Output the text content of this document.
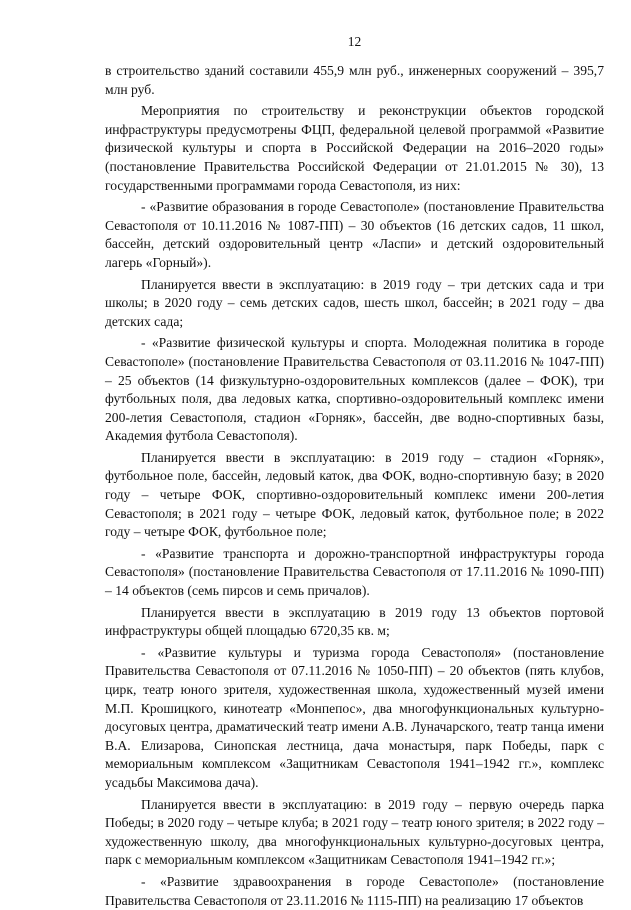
12

в строительство зданий составили 455,9 млн руб., инженерных сооружений – 395,7 млн руб.

Мероприятия по строительству и реконструкции объектов городской инфраструктуры предусмотрены ФЦП, федеральной целевой программой «Развитие физической культуры и спорта в Российской Федерации на 2016–2020 годы» (постановление Правительства Российской Федерации от 21.01.2015 № 30), 13 государственными программами города Севастополя, из них:

- «Развитие образования в городе Севастополе» (постановление Правительства Севастополя от 10.11.2016 № 1087-ПП) – 30 объектов (16 детских садов, 11 школ, бассейн, детский оздоровительный центр «Ласпи» и детский оздоровительный лагерь «Горный»).

Планируется ввести в эксплуатацию: в 2019 году – три детских сада и три школы; в 2020 году – семь детских садов, шесть школ, бассейн; в 2021 году – два детских сада;

- «Развитие физической культуры и спорта. Молодежная политика в городе Севастополе» (постановление Правительства Севастополя от 03.11.2016 № 1047-ПП) – 25 объектов (14 физкультурно-оздоровительных комплексов (далее – ФОК), три футбольных поля, два ледовых катка, спортивно-оздоровительный комплекс имени 200-летия Севастополя, стадион «Горняк», бассейн, две водно-спортивных базы, Академия футбола Севастополя).

Планируется ввести в эксплуатацию: в 2019 году – стадион «Горняк», футбольное поле, бассейн, ледовый каток, два ФОК, водно-спортивную базу; в 2020 году – четыре ФОК, спортивно-оздоровительный комплекс имени 200-летия Севастополя; в 2021 году – четыре ФОК, ледовый каток, футбольное поле; в 2022 году – четыре ФОК, футбольное поле;

- «Развитие транспорта и дорожно-транспортной инфраструктуры города Севастополя» (постановление Правительства Севастополя от 17.11.2016 № 1090-ПП) – 14 объектов (семь пирсов и семь причалов).

Планируется ввести в эксплуатацию в 2019 году 13 объектов портовой инфраструктуры общей площадью 6720,35 кв. м;

- «Развитие культуры и туризма города Севастополя» (постановление Правительства Севастополя от 07.11.2016 № 1050-ПП) – 20 объектов (пять клубов, цирк, театр юного зрителя, художественная школа, художественный музей имени М.П. Крошицкого, кинотеатр «Монпепос», два многофункциональных культурно-досуговых центра, драматический театр имени А.В. Луначарского, театр танца имени В.А. Елизарова, Синопская лестница, дача монастыря, парк Победы, парк с мемориальным комплексом «Защитникам Севастополя 1941–1942 гг.», комплекс усадьбы Максимова дача).

Планируется ввести в эксплуатацию: в 2019 году – первую очередь парка Победы; в 2020 году – четыре клуба; в 2021 году – театр юного зрителя; в 2022 году – художественную школу, два многофункциональных культурно-досуговых центра, парк с мемориальным комплексом «Защитникам Севастополя 1941–1942 гг.»;

- «Развитие здравоохранения в городе Севастополе» (постановление Правительства Севастополя от 23.11.2016 № 1115-ПП) на реализацию 17 объектов
